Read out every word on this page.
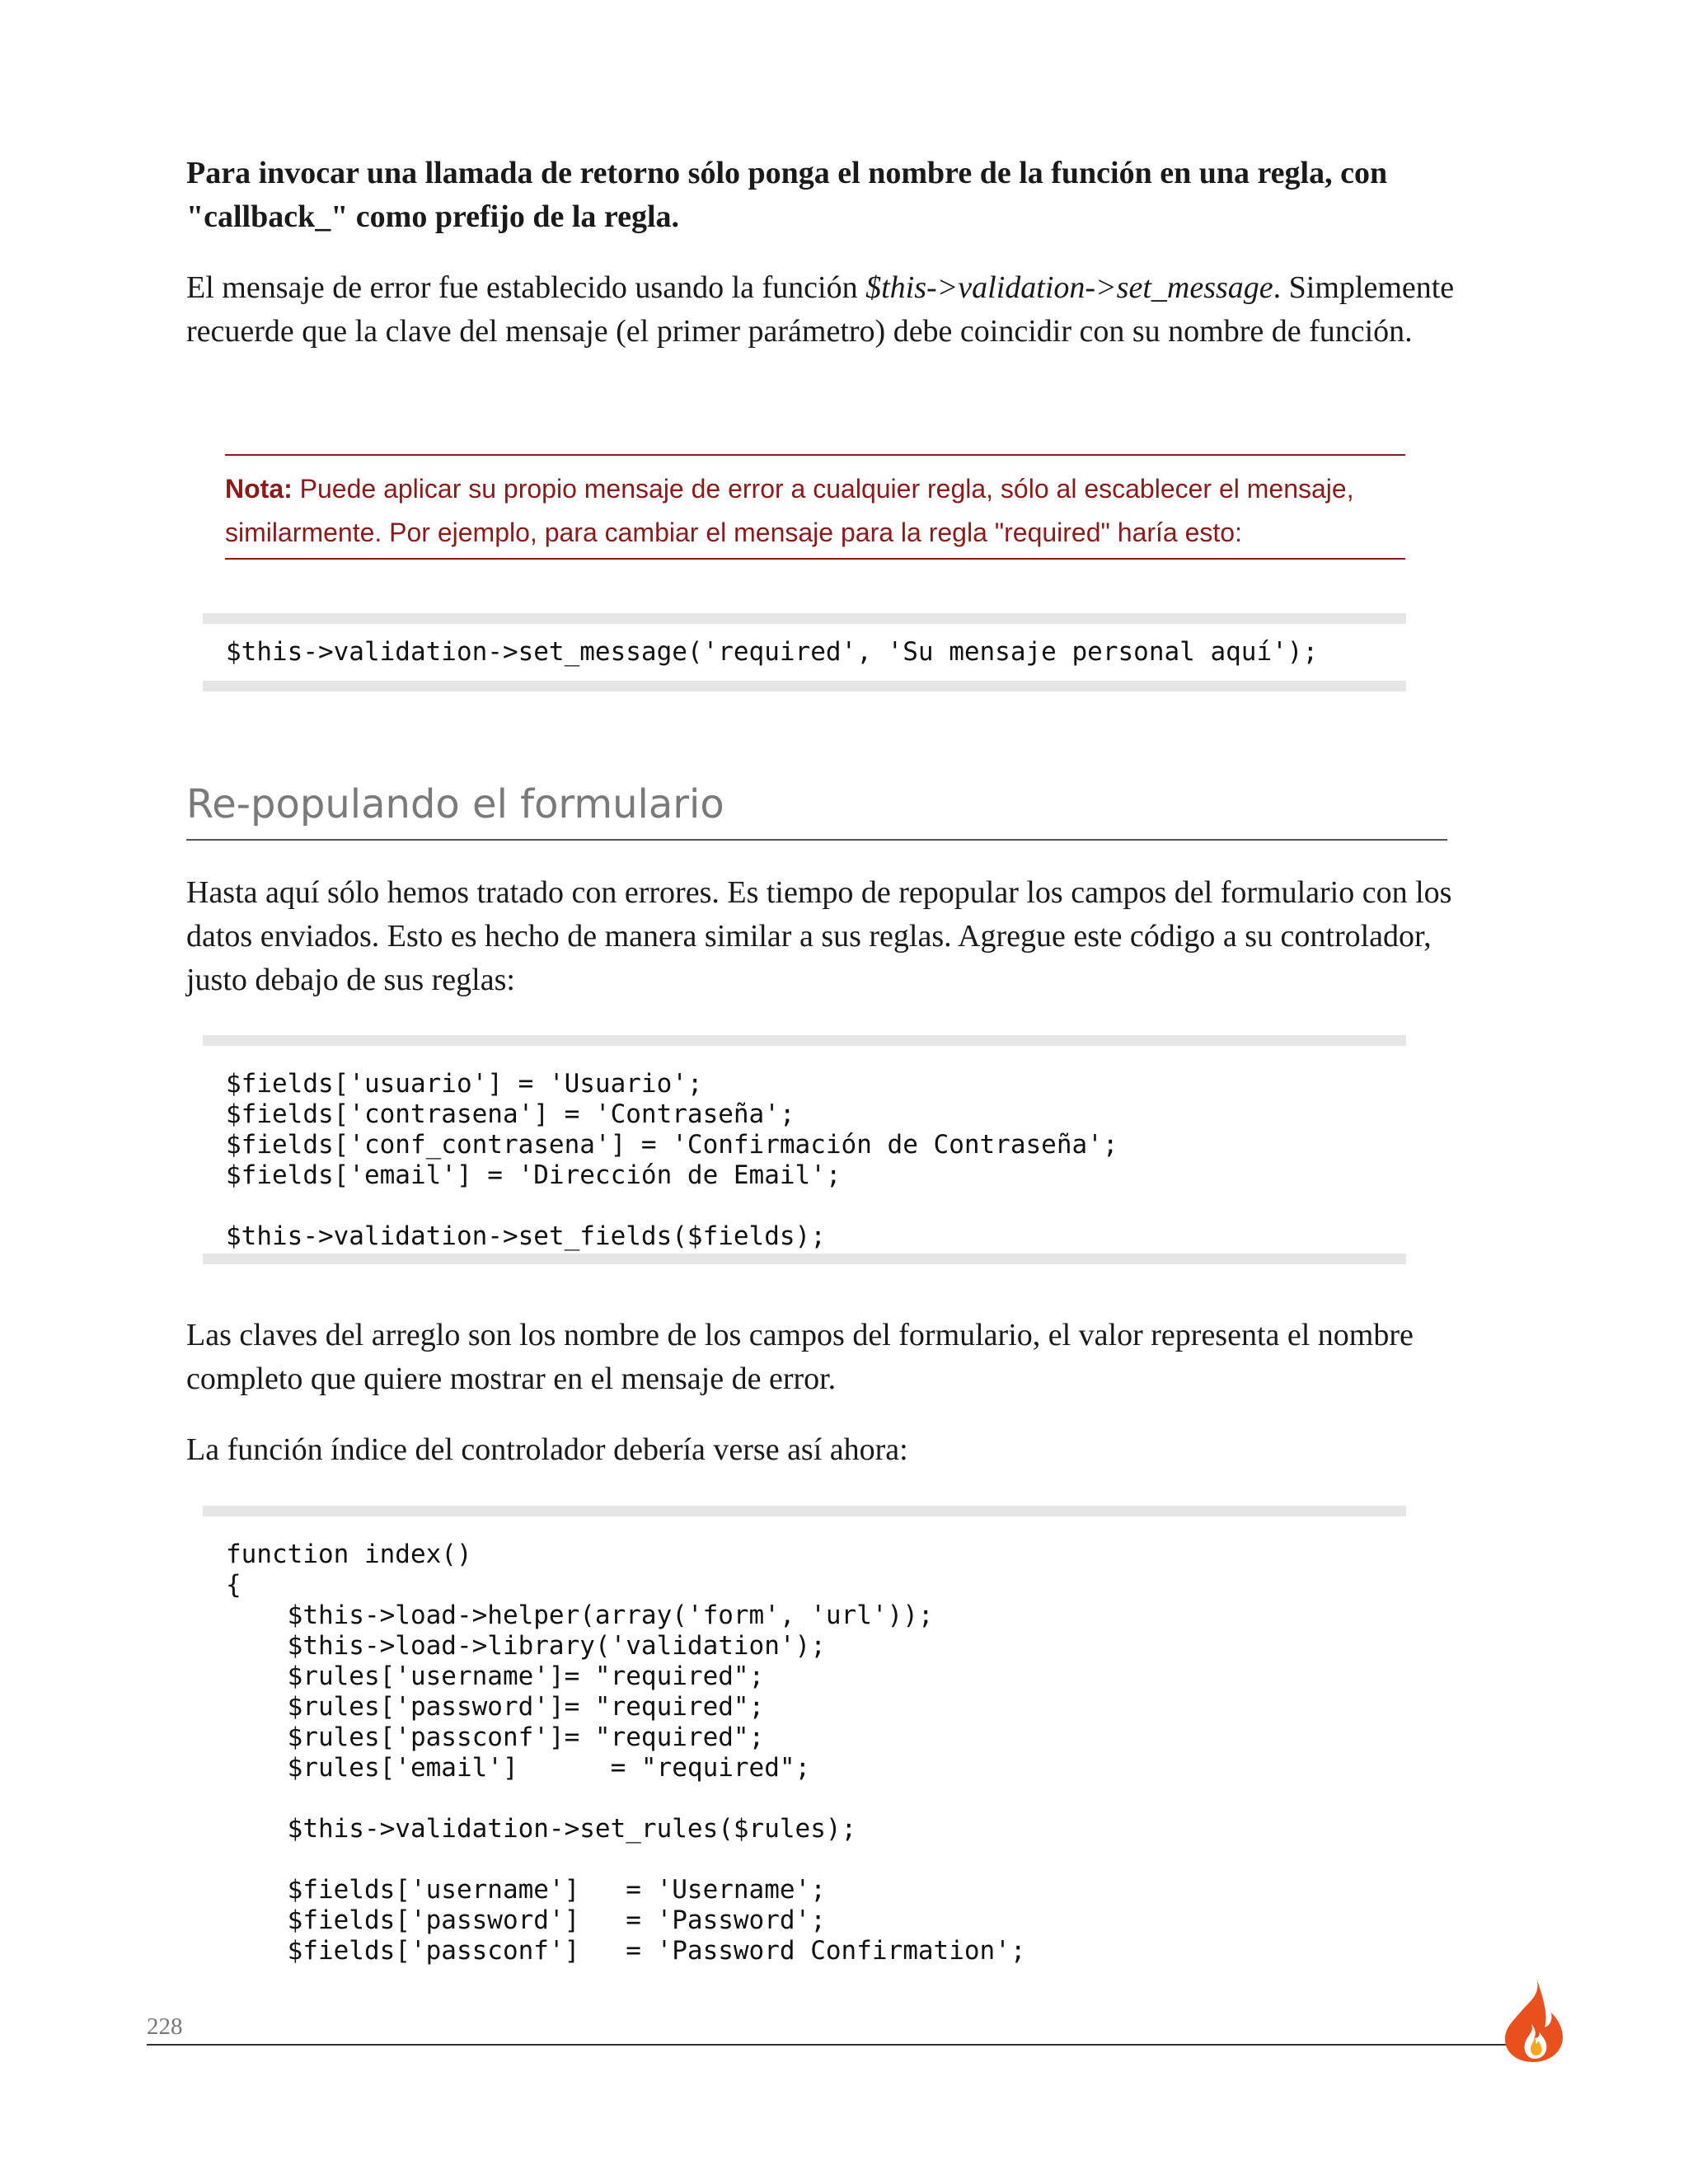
Para invocar una llamada de retorno sólo ponga el nombre de la función en una regla, con "callback_" como prefijo de la regla.

El mensaje de error fue establecido usando la función $this->validation->set_message. Simplemente recuerde que la clave del mensaje (el primer parámetro) debe coincidir con su nombre de función.

Nota: Puede aplicar su propio mensaje de error a cualquier regla, sólo al escablecer el mensaje, similarmente. Por ejemplo, para cambiar el mensaje para la regla "required" haría esto:
$this->validation->set_message('required', 'Su mensaje personal aquí');
Re-populando el formulario

Hasta aquí sólo hemos tratado con errores. Es tiempo de repopular los campos del formulario con los datos enviados. Esto es hecho de manera similar a sus reglas. Agregue este código a su controlador, justo debajo de sus reglas:

$fields['usuario'] = 'Usuario';
$fields['contrasena'] = 'Contraseña';
$fields['conf_contrasena'] = 'Confirmación de Contraseña';
$fields['email'] = 'Dirección de Email';

$this->validation->set_fields($fields);

Las claves del arreglo son los nombre de los campos del formulario, el valor representa el nombre completo que quiere mostrar en el mensaje de error.

La función índice del controlador debería verse así ahora:

function index()
{
$this->load->helper(array('form', 'url'));
$this->load->library('validation');
$rules['username']= "required";
$rules['password']= "required";
$rules['passconf']= "required";
$rules['email']      = "required";

$this->validation->set_rules($rules);

$fields['username']   = 'Username';
$fields['password']   = 'Password';
$fields['passconf']   = 'Password Confirmation';
228
